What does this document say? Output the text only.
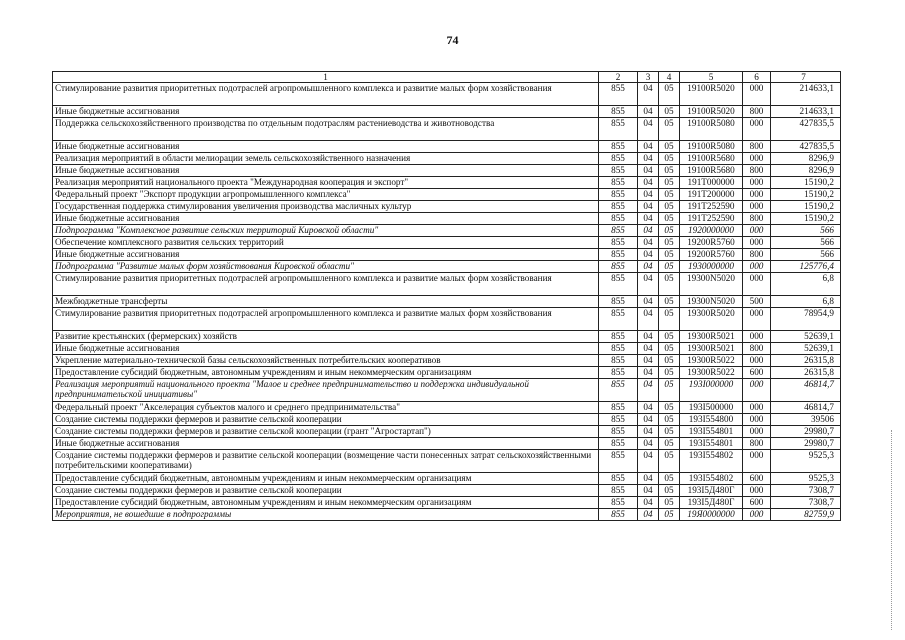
74
1	2	3	4	5	6	7
Стимулирование развития приоритетных подотраслей агропромышленного комплекса и развитие малых форм хозяйствования	855	04	05	19100R5020	000	214633,1
Иные бюджетные ассигнования	855	04	05	19100R5020	800	214633,1
Поддержка сельскохозяйственного производства по отдельным подотраслям растениеводства и животноводства	855	04	05	19100R5080	000	427835,5
Иные бюджетные ассигнования	855	04	05	19100R5080	800	427835,5
Реализация мероприятий в области мелиорации земель сельскохозяйственного назначения	855	04	05	19100R5680	000	8296,9
Иные бюджетные ассигнования	855	04	05	19100R5680	800	8296,9
Реализация мероприятий национального проекта "Международная кооперация и экспорт"	855	04	05	191T000000	000	15190,2
Федеральный проект "Экспорт продукции агропромышленного комплекса"	855	04	05	191T200000	000	15190,2
Государственная поддержка стимулирования увеличения производства масличных культур	855	04	05	191T252590	000	15190,2
Иные бюджетные ассигнования	855	04	05	191T252590	800	15190,2
Подпрограмма "Комплексное развитие сельских территорий Кировской области"	855	04	05	1920000000	000	566
Обеспечение комплексного развития сельских территорий	855	04	05	19200R5760	000	566
Иные бюджетные ассигнования	855	04	05	19200R5760	800	566
Подпрограмма "Развитие малых форм хозяйствования Кировской области"	855	04	05	1930000000	000	125776,4
Стимулирование развития приоритетных подотраслей агропромышленного комплекса и развитие малых форм хозяйствования	855	04	05	19300N5020	000	6,8
Межбюджетные трансферты	855	04	05	19300N5020	500	6,8
Стимулирование развития приоритетных подотраслей агропромышленного комплекса и развитие малых форм хозяйствования	855	04	05	19300R5020	000	78954,9
Развитие крестьянских (фермерских) хозяйств	855	04	05	19300R5021	000	52639,1
Иные бюджетные ассигнования	855	04	05	19300R5021	800	52639,1
Укрепление материально-технической базы сельскохозяйственных потребительских кооперативов	855	04	05	19300R5022	000	26315,8
Предоставление субсидий бюджетным, автономным учреждениям и иным некоммерческим организациям	855	04	05	19300R5022	600	26315,8
Реализация мероприятий национального проекта "Малое и среднее предпринимательство и поддержка индивидуальной предпринимательской инициативы"	855	04	05	193I000000	000	46814,7
Федеральный проект "Акселерация субъектов малого и среднего предпринимательства"	855	04	05	193I500000	000	46814,7
Создание системы поддержки фермеров и развитие сельской кооперации	855	04	05	193I554800	000	39506
Создание системы поддержки фермеров и развитие сельской кооперации (грант "Агростартап")	855	04	05	193I554801	000	29980,7
Иные бюджетные ассигнования	855	04	05	193I554801	800	29980,7
Создание системы поддержки фермеров и развитие сельской кооперации (возмещение части понесенных затрат сельскохозяйственными потребительскими кооперативами)	855	04	05	193I554802	000	9525,3
Предоставление субсидий бюджетным, автономным учреждениям и иным некоммерческим организациям	855	04	05	193I554802	600	9525,3
Создание системы поддержки фермеров и развитие сельской кооперации	855	04	05	193I5Д480Г	000	7308,7
Предоставление субсидий бюджетным, автономным учреждениям и иным некоммерческим организациям	855	04	05	193I5Д480Г	600	7308,7
Мероприятия, не вошедшие в подпрограммы	855	04	05	19Я0000000	000	82759,9
